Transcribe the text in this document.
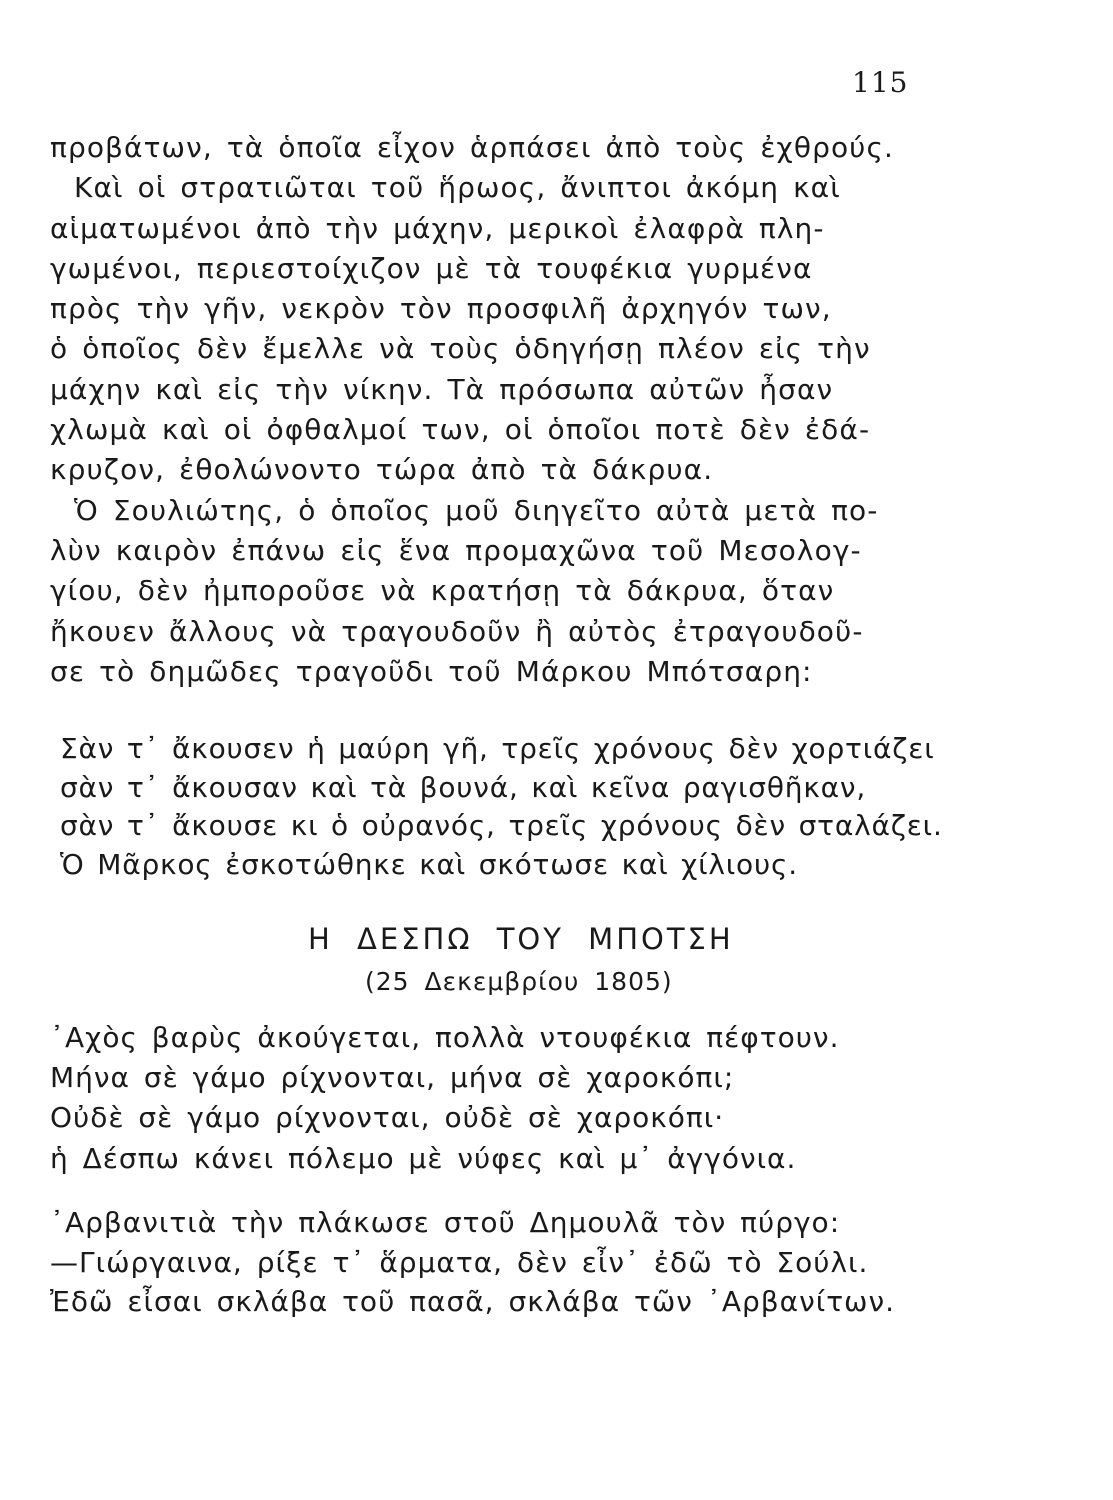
115
προβάτων, τὰ ὁποῖα εἶχον ἁρπάσει ἀπὸ τοὺς ἐχθρούς.
Καὶ οἱ στρατιῶται τοῦ ἥρωος, ἄνιπτοι ἀκόμη καὶ
αἱματωμένοι ἀπὸ τὴν μάχην, μερικοὶ ἐλαφρὰ πλη-
γωμένοι, περιεστοίχιζον μὲ τὰ τουφέκια γυρμένα
πρὸς τὴν γῆν, νεκρὸν τὸν προσφιλῆ ἀρχηγόν των,
ὁ ὁποῖος δὲν ἔμελλε νὰ τοὺς ὁδηγήσῃ πλέον εἰς τὴν
μάχην καὶ εἰς τὴν νίκην. Τὰ πρόσωπα αὐτῶν ἦσαν
χλωμὰ καὶ οἱ ὀφθαλμοί των, οἱ ὁποῖοι ποτὲ δὲν ἐδά-
κρυζον, ἐθολώνοντο τώρα ἀπὸ τὰ δάκρυα.
Ὁ Σουλιώτης, ὁ ὁποῖος μοῦ διηγεῖτο αὐτὰ μετὰ πο-
λὺν καιρὸν ἐπάνω εἰς ἕνα προμαχῶνα τοῦ Μεσολογ-
γίου, δὲν ἠμποροῦσε νὰ κρατήσῃ τὰ δάκρυα, ὅταν
ἤκουεν ἄλλους νὰ τραγουδοῦν ἢ αὐτὸς ἐτραγουδοῦ-
σε τὸ δημῶδες τραγοῦδι τοῦ Μάρκου Μπότσαρη:
Σὰν τ᾽ ἄκουσεν ἡ μαύρη γῆ, τρεῖς χρόνους δὲν χορτιάζει
σὰν τ᾽ ἄκουσαν καὶ τὰ βουνά, καὶ κεῖνα ραγισθῆκαν,
σὰν τ᾽ ἄκουσε κι ὁ οὐρανός, τρεῖς χρόνους δὲν σταλάζει.
Ὁ Μᾶρκος ἐσκοτώθηκε καὶ σκότωσε καὶ χίλιους.
Η ΔΕΣΠΩ ΤΟΥ ΜΠΟΤΣΗ
(25 Δεκεμβρίου 1805)
᾽Αχὸς βαρὺς ἀκούγεται, πολλὰ ντουφέκια πέφτουν.
Μήνα σὲ γάμο ρίχνονται, μήνα σὲ χαροκόπι;
Οὐδὲ σὲ γάμο ρίχνονται, οὐδὲ σὲ χαροκόπι·
ἡ Δέσπω κάνει πόλεμο μὲ νύφες καὶ μ᾽ ἀγγόνια.
᾽Αρβανιτιὰ τὴν πλάκωσε στοῦ Δημουλᾶ τὸν πύργο:
—Γιώργαινα, ρίξε τ᾽ ἅρματα, δὲν εἶν᾽ ἐδῶ τὸ Σούλι.
Ἐδῶ εἶσαι σκλάβα τοῦ πασᾶ, σκλάβα τῶν ᾽Αρβανίτων.
